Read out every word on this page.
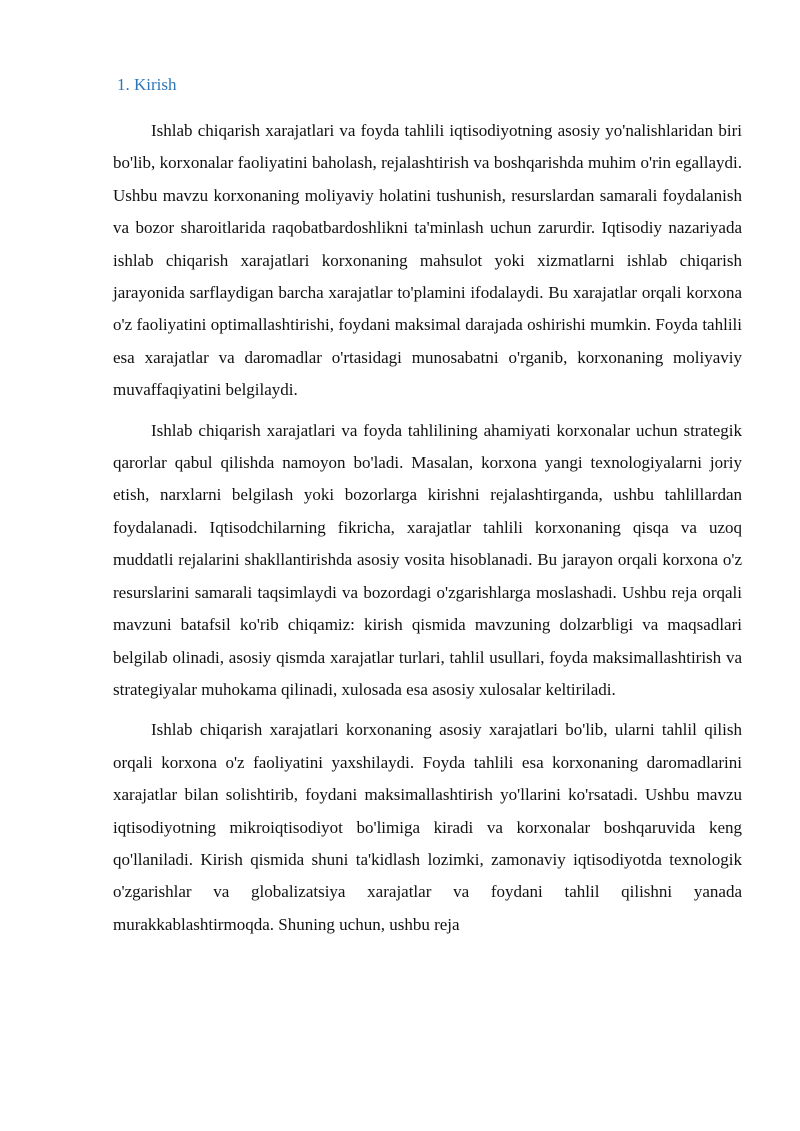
1. Kirish

Ishlab chiqarish xarajatlari va foyda tahlili iqtisodiyotning asosiy yo'nalishlaridan biri bo'lib, korxonalar faoliyatini baholash, rejalashtirish va boshqarishda muhim o'rin egallaydi. Ushbu mavzu korxonaning moliyaviy holatini tushunish, resurslardan samarali foydalanish va bozor sharoitlarida raqobatbardoshlikni ta'minlash uchun zarurdir. Iqtisodiy nazariyada ishlab chiqarish xarajatlari korxonaning mahsulot yoki xizmatlarni ishlab chiqarish jarayonida sarflaydigan barcha xarajatlar to'plamini ifodalaydi. Bu xarajatlar orqali korxona o'z faoliyatini optimallashtirishi, foydani maksimal darajada oshirishi mumkin. Foyda tahlili esa xarajatlar va daromadlar o'rtasidagi munosabatni o'rganib, korxonaning moliyaviy muvaffaqiyatini belgilaydi.

Ishlab chiqarish xarajatlari va foyda tahlilining ahamiyati korxonalar uchun strategik qarorlar qabul qilishda namoyon bo'ladi. Masalan, korxona yangi texnologiyalarni joriy etish, narxlarni belgilash yoki bozorlarga kirishni rejalashtirganda, ushbu tahlillardan foydalanadi. Iqtisodchilarning fikricha, xarajatlar tahlili korxonaning qisqa va uzoq muddatli rejalarini shakllantirishda asosiy vosita hisoblanadi. Bu jarayon orqali korxona o'z resurslarini samarali taqsimlaydi va bozordagi o'zgarishlarga moslashadi. Ushbu reja orqali mavzuni batafsil ko'rib chiqamiz: kirish qismida mavzuning dolzarbligi va maqsadlari belgilab olinadi, asosiy qismda xarajatlar turlari, tahlil usullari, foyda maksimallashtirish va strategiyalar muhokama qilinadi, xulosada esa asosiy xulosalar keltiriladi.

Ishlab chiqarish xarajatlari korxonaning asosiy xarajatlari bo'lib, ularni tahlil qilish orqali korxona o'z faoliyatini yaxshilaydi. Foyda tahlili esa korxonaning daromadlarini xarajatlar bilan solishtirib, foydani maksimallashtirish yo'llarini ko'rsatadi. Ushbu mavzu iqtisodiyotning mikroiqtisodiyot bo'limiga kiradi va korxonalar boshqaruvida keng qo'llaniladi. Kirish qismida shuni ta'kidlash lozimki, zamonaviy iqtisodiyotda texnologik o'zgarishlar va globalizatsiya xarajatlar va foydani tahlil qilishni yanada murakkablashtirmoqda. Shuning uchun, ushbu reja
